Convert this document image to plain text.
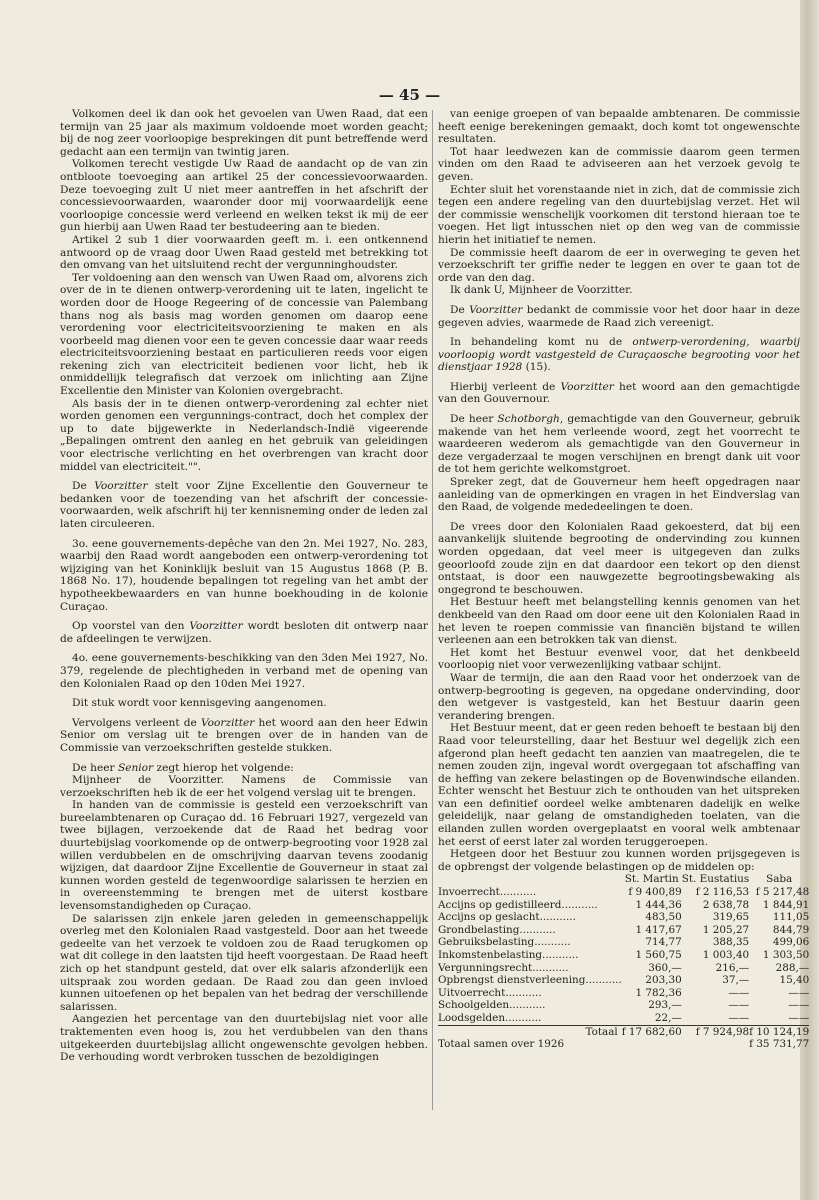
— 45 —

Volkomen deel ik dan ook het gevoelen van Uwen Raad, dat een termijn van 25 jaar als maximum voldoende moet worden geacht; bij de nog zeer voorloopige besprekingen dit punt betreffende werd gedacht aan een termijn van twintig jaren.

Volkomen terecht vestigde Uw Raad de aandacht op de van zin ontbloote toevoeging aan artikel 25 der concessievoorwaarden. Deze toevoeging zult U niet meer aantreffen in het afschrift der concessievoorwaarden, waaronder door mij voorwaardelijk eene voorloopige concessie werd verleend en welken tekst ik mij de eer gun hierbij aan Uwen Raad ter bestudeering aan te bieden.

Artikel 2 sub 1 dier voorwaarden geeft m. i. een ontkennend antwoord op de vraag door Uwen Raad gesteld met betrekking tot den omvang van het uitsluitend recht der vergunninghoudster.

Ter voldoening aan den wensch van Uwen Raad om, alvorens zich over de in te dienen ontwerp-verordening uit te laten, ingelicht te worden door de Hooge Regeering of de concessie van Palembang thans nog als basis mag worden genomen om daarop eene verordening voor electriciteitsvoorziening te maken en als voorbeeld mag dienen voor een te geven concessie daar waar reeds electriciteitsvoorziening bestaat en particulieren reeds voor eigen rekening zich van electriciteit bedienen voor licht, heb ik onmiddellijk telegrafisch dat verzoek om inlichting aan Zijne Excellentie den Minister van Kolonien overgebracht.

Als basis der in te dienen ontwerp-verordening zal echter niet worden genomen een vergunnings-contract, doch het complex der up to date bijgewerkte in Nederlandsch-Indië vigeerende „Bepalingen omtrent den aanleg en het gebruik van geleidingen voor electrische verlichting en het overbrengen van kracht door middel van electriciteit."".

De Voorzitter stelt voor Zijne Excellentie den Gouverneur te bedanken voor de toezending van het afschrift der concessie-voorwaarden, welk afschrift hij ter kennisneming onder de leden zal laten circuleeren.

3o. eene gouvernements-depêche van den 2n. Mei 1927, No. 283, waarbij den Raad wordt aangeboden een ontwerp-verordening tot wijziging van het Koninklijk besluit van 15 Augustus 1868 (P. B. 1868 No. 17), houdende bepalingen tot regeling van het ambt der hypotheekbewaarders en van hunne boekhouding in de kolonie Curaçao.

Op voorstel van den Voorzitter wordt besloten dit ontwerp naar de afdeelingen te verwijzen.

4o. eene gouvernements-beschikking van den 3den Mei 1927, No. 379, regelende de plechtigheden in verband met de opening van den Kolonialen Raad op den 10den Mei 1927.

Dit stuk wordt voor kennisgeving aangenomen.

Vervolgens verleent de Voorzitter het woord aan den heer Edwin Senior om verslag uit te brengen over de in handen van de Commissie van verzoekschriften gestelde stukken.

De heer Senior zegt hierop het volgende:

Mijnheer de Voorzitter. Namens de Commissie van verzoekschriften heb ik de eer het volgend verslag uit te brengen.

In handen van de commissie is gesteld een verzoekschrift van bureelambtenaren op Curaçao dd. 16 Februari 1927, vergezeld van twee bijlagen, verzoekende dat de Raad het bedrag voor duurtebijslag voorkomende op de ontwerp-begrooting voor 1928 zal willen verdubbelen en de omschrijving daarvan tevens zoodanig wijzigen, dat daardoor Zijne Excellentie de Gouverneur in staat zal kunnen worden gesteld de tegenwoordige salarissen te herzien en in overeenstemming te brengen met de uiterst kostbare levensomstandigheden op Curaçao.

De salarissen zijn enkele jaren geleden in gemeenschappelijk overleg met den Kolonialen Raad vastgesteld. Door aan het tweede gedeelte van het verzoek te voldoen zou de Raad terugkomen op wat dit college in den laatsten tijd heeft voorgestaan. De Raad heeft zich op het standpunt gesteld, dat over elk salaris afzonderlijk een uitspraak zou worden gedaan. De Raad zou dan geen invloed kunnen uitoefenen op het bepalen van het bedrag der verschillende salarissen.

Aangezien het percentage van den duurtebijslag niet voor alle traktementen even hoog is, zou het verdubbelen van den thans uitgekeerden duurtebijslag allicht ongewenschte gevolgen hebben. De verhouding wordt verbroken tusschen de bezoldigingen

van eenige groepen of van bepaalde ambtenaren. De commissie heeft eenige berekeningen gemaakt, doch komt tot ongewenschte resultaten.

Tot haar leedwezen kan de commissie daarom geen termen vinden om den Raad te adviseeren aan het verzoek gevolg te geven.

Echter sluit het vorenstaande niet in zich, dat de commissie zich tegen een andere regeling van den duurtebijslag verzet. Het wil der commissie wenschelijk voorkomen dit terstond hieraan toe te voegen. Het ligt intusschen niet op den weg van de commissie hierin het initiatief te nemen.

De commissie heeft daarom de eer in overweging te geven het verzoekschrift ter griffie neder te leggen en over te gaan tot de orde van den dag.

Ik dank U, Mijnheer de Voorzitter.

De Voorzitter bedankt de commissie voor het door haar in deze gegeven advies, waarmede de Raad zich vereenigt.

In behandeling komt nu de ontwerp-verordening, waarbij voorloopig wordt vastgesteld de Curaçaosche begrooting voor het dienstjaar 1928 (15).

Hierbij verleent de Voorzitter het woord aan den gemachtigde van den Gouvernour.

De heer Schotborgh, gemachtigde van den Gouverneur, gebruik makende van het hem verleende woord, zegt het voorrecht te waardeeren wederom als gemachtigde van den Gouverneur in deze vergaderzaal te mogen verschijnen en brengt dank uit voor de tot hem gerichte welkomstgroet.

Spreker zegt, dat de Gouverneur hem heeft opgedragen naar aanleiding van de opmerkingen en vragen in het Eindverslag van den Raad, de volgende mededeelingen te doen.

De vrees door den Kolonialen Raad gekoesterd, dat bij een aanvankelijk sluitende begrooting de ondervinding zou kunnen worden opgedaan, dat veel meer is uitgegeven dan zulks geoorloofd zoude zijn en dat daardoor een tekort op den dienst ontstaat, is door een nauwgezette begrootingsbewaking als ongegrond te beschouwen.

Het Bestuur heeft met belangstelling kennis genomen van het denkbeeld van den Raad om door eene uit den Kolonialen Raad in het leven te roepen commissie van financiën bijstand te willen verleenen aan een betrokken tak van dienst.

Het komt het Bestuur evenwel voor, dat het denkbeeld voorloopig niet voor verwezenlijking vatbaar schijnt.

Waar de termijn, die aan den Raad voor het onderzoek van de ontwerp-begrooting is gegeven, na opgedane ondervinding, door den wetgever is vastgesteld, kan het Bestuur daarin geen verandering brengen.

Het Bestuur meent, dat er geen reden behoeft te bestaan bij den Raad voor teleurstelling, daar het Bestuur wel degelijk zich een afgerond plan heeft gedacht ten aanzien van maatregelen, die te nemen zouden zijn, ingeval wordt overgegaan tot afschaffing van de heffing van zekere belastingen op de Bovenwindsche eilanden. Echter wenscht het Bestuur zich te onthouden van het uitspreken van een definitief oordeel welke ambtenaren dadelijk en welke geleidelijk, naar gelang de omstandigheden toelaten, van die eilanden zullen worden overgeplaatst en vooral welk ambtenaar het eerst of eerst later zal worden teruggeroepen.

Hetgeen door het Bestuur zou kunnen worden prijsgegeven is de opbrengst der volgende belastingen op de middelen op:

	St. Martin	St. Eustatius	Saba
Invoerrecht...........	f 9 400,89	f 2 116,53	f 5 217,48
Accijns op gedistilleerd...........	1 444,36	2 638,78	1 844,91
Accijns op geslacht...........	483,50	319,65	111,05
Grondbelasting...........	1 417,67	1 205,27	844,79
Gebruiksbelasting...........	714,77	388,35	499,06
Inkomstenbelasting...........	1 560,75	1 003,40	1 303,50
Vergunningsrecht...........	360,—	216,—	288,—
Opbrengst dienstverleening...........	203,30	37,—	15,40
Uitvoerrecht...........	1 782,36	——	——
Schoolgelden...........	293,—	——	——
Loodsgelden...........	22,—	——	——

Totaal	f 17 682,60	f 7 924,98	f 10 124,19
Totaal samen over 1926			f 35 731,77
